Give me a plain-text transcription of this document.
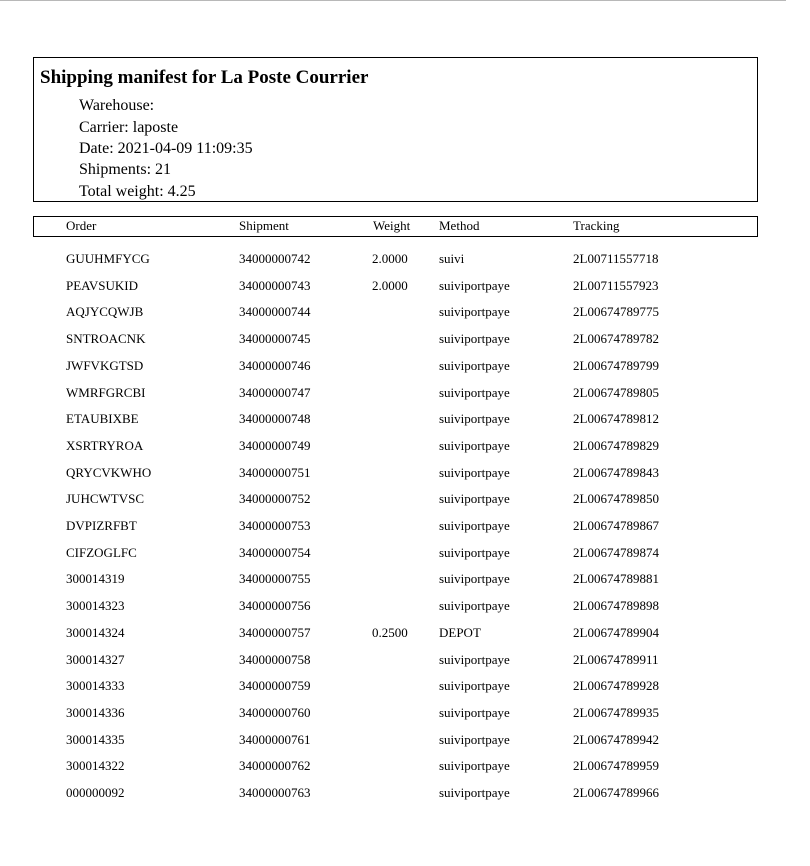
Shipping manifest for La Poste Courrier
Warehouse:
Carrier: laposte
Date: 2021-04-09 11:09:35
Shipments: 21
Total weight: 4.25
Order	Shipment	Weight Method	Tracking
GUUHMFYCG	34000000742	2.0000 suivi	2L00711557718
PEAVSUKID	34000000743	2.0000 suiviportpaye	2L00711557923
AQJYCQWJB	34000000744	suiviportpaye	2L00674789775
SNTROACNK	34000000745	suiviportpaye	2L00674789782
JWFVKGTSD	34000000746	suiviportpaye	2L00674789799
WMRFGRCBI	34000000747	suiviportpaye	2L00674789805
ETAUBIXBE	34000000748	suiviportpaye	2L00674789812
XSRTRYROA	34000000749	suiviportpaye	2L00674789829
QRYCVKWHO	34000000751	suiviportpaye	2L00674789843
JUHCWTVSC	34000000752	suiviportpaye	2L00674789850
DVPIZRFBT	34000000753	suiviportpaye	2L00674789867
CIFZOGLFC	34000000754	suiviportpaye	2L00674789874
300014319	34000000755	suiviportpaye	2L00674789881
300014323	34000000756	suiviportpaye	2L00674789898
300014324	34000000757	0.2500 DEPOT	2L00674789904
300014327	34000000758	suiviportpaye	2L00674789911
300014333	34000000759	suiviportpaye	2L00674789928
300014336	34000000760	suiviportpaye	2L00674789935
300014335	34000000761	suiviportpaye	2L00674789942
300014322	34000000762	suiviportpaye	2L00674789959
000000092	34000000763	suiviportpaye	2L00674789966
